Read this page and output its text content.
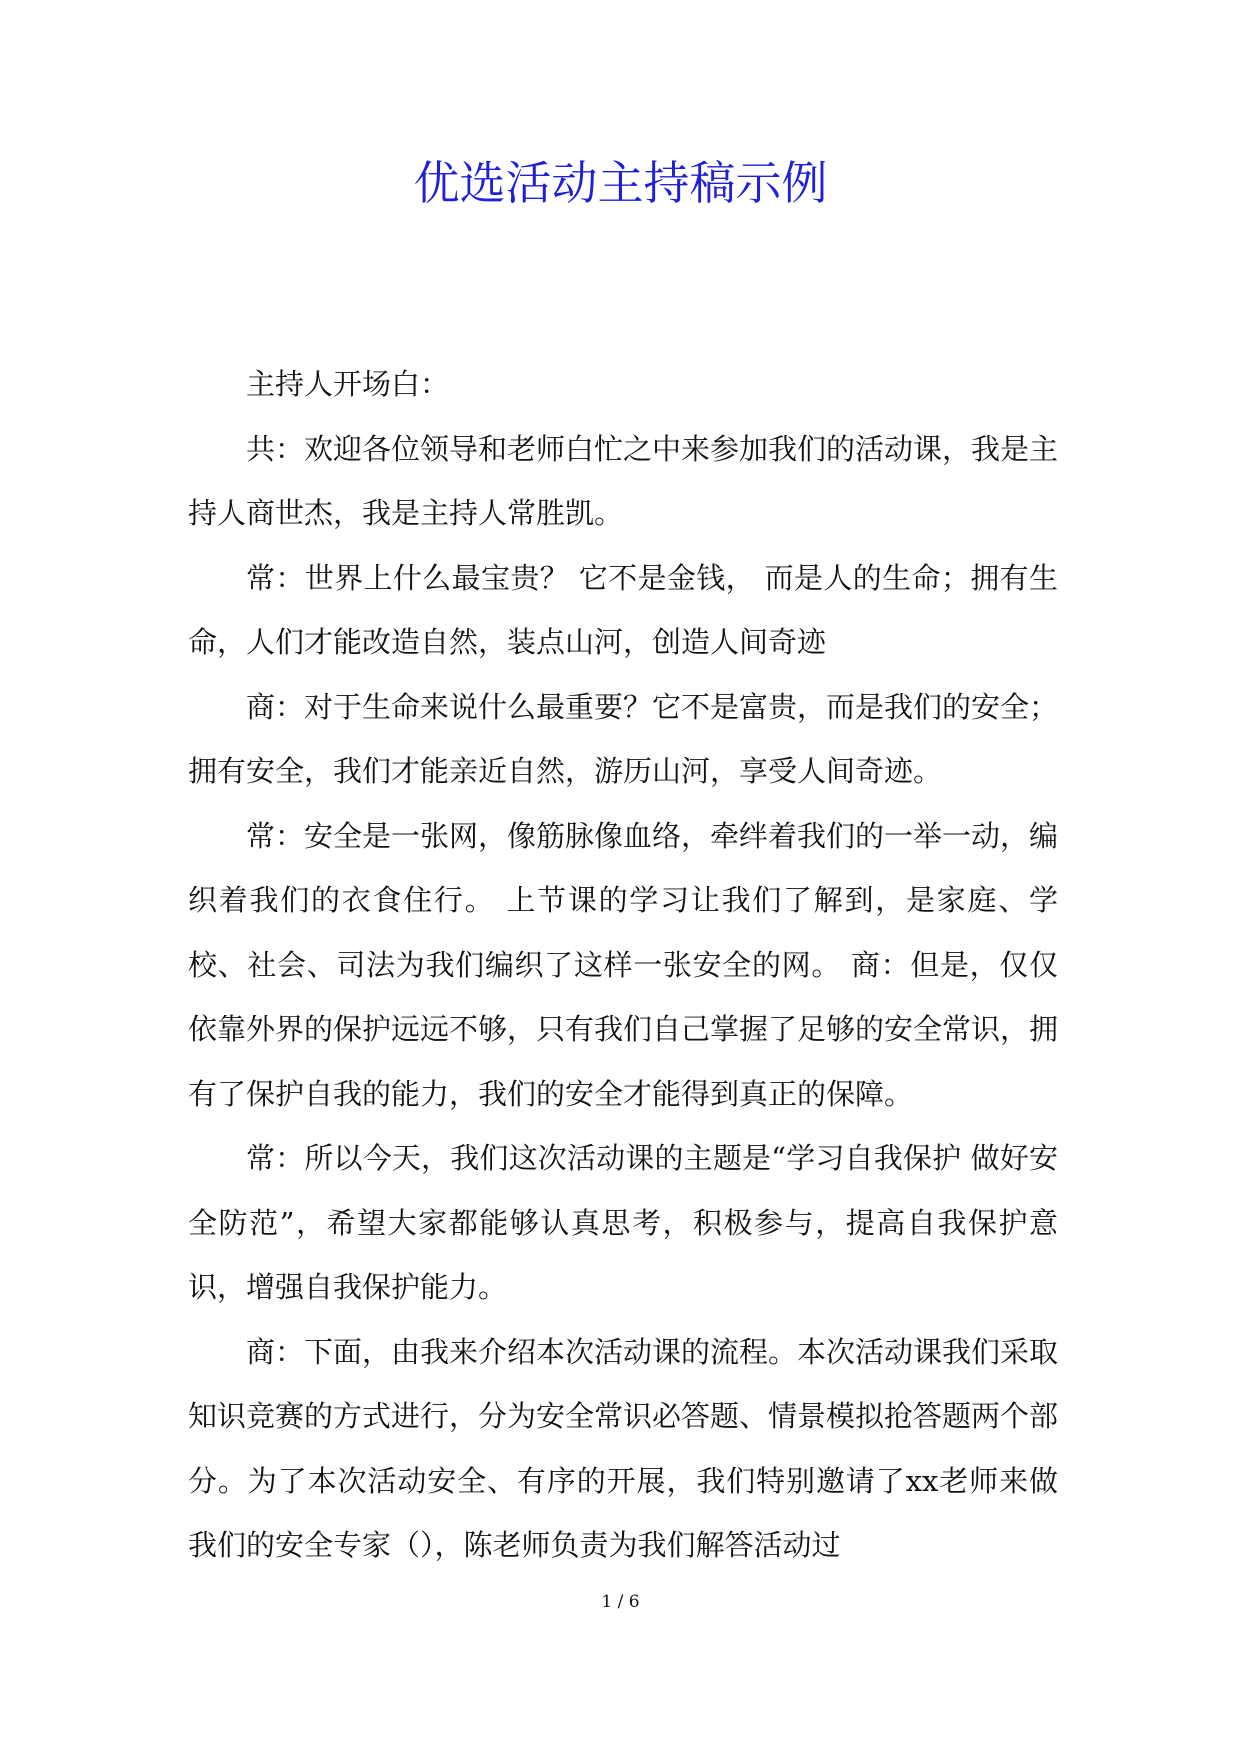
优选活动主持稿示例

主持人开场白：

共：欢迎各位领导和老师白忙之中来参加我们的活动课，我是主持人商世杰，我是主持人常胜凯。

常：世界上什么最宝贵？ 它不是金钱， 而是人的生命；拥有生命，人们才能改造自然，装点山河，创造人间奇迹

商：对于生命来说什么最重要？它不是富贵，而是我们的安全；拥有安全，我们才能亲近自然，游历山河，享受人间奇迹。

常：安全是一张网，像筋脉像血络，牵绊着我们的一举一动，编织着我们的衣食住行。 上节课的学习让我们了解到，是家庭、学校、社会、司法为我们编织了这样一张安全的网。 商：但是，仅仅依靠外界的保护远远不够，只有我们自己掌握了足够的安全常识，拥有了保护自我的能力，我们的安全才能得到真正的保障。

常：所以今天，我们这次活动课的主题是“学习自我保护 做好安全防范”，希望大家都能够认真思考，积极参与，提高自我保护意识，增强自我保护能力。

商：下面，由我来介绍本次活动课的流程。本次活动课我们采取知识竞赛的方式进行，分为安全常识必答题、情景模拟抢答题两个部分。为了本次活动安全、有序的开展，我们特别邀请了xx老师来做我们的安全专家（），陈老师负责为我们解答活动过

1 / 6
